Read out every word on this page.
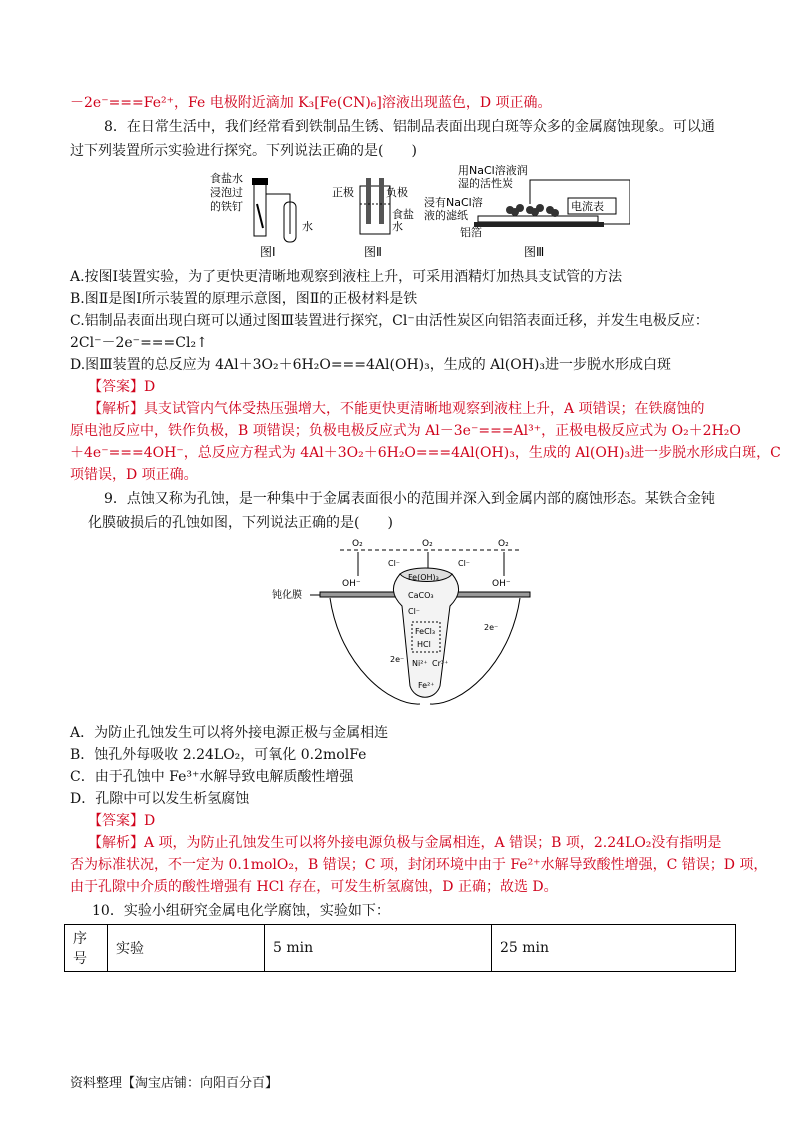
－2e⁻===Fe²⁺，Fe 电极附近滴加 K₃[Fe(CN)₆]溶液出现蓝色，D 项正确。
8．在日常生活中，我们经常看到铁制品生锈、铝制品表面出现白斑等众多的金属腐蚀现象。可以通
过下列装置所示实验进行探究。下列说法正确的是(　　)
食盐水
浸泡过
的铁钉
水
图Ⅰ
正极	负极
食盐
水
图Ⅱ
用NaCl溶液润
湿的活性炭
浸有NaCl溶
液的滤纸
铝箔
电流表
图Ⅲ
A.按图Ⅰ装置实验，为了更快更清晰地观察到液柱上升，可采用酒精灯加热具支试管的方法
B.图Ⅱ是图Ⅰ所示装置的原理示意图，图Ⅱ的正极材料是铁
C.铝制品表面出现白斑可以通过图Ⅲ装置进行探究，Cl⁻由活性炭区向铝箔表面迁移，并发生电极反应：
2Cl⁻－2e⁻===Cl₂↑
D.图Ⅲ装置的总反应为 4Al＋3O₂＋6H₂O===4Al(OH)₃，生成的 Al(OH)₃进一步脱水形成白斑
【答案】D
【解析】具支试管内气体受热压强增大，不能更快更清晰地观察到液柱上升，A 项错误；在铁腐蚀的
原电池反应中，铁作负极，B 项错误；负极电极反应式为 Al－3e⁻===Al³⁺，正极电极反应式为 O₂＋2H₂O
＋4e⁻===4OH⁻，总反应方程式为 4Al＋3O₂＋6H₂O===4Al(OH)₃，生成的 Al(OH)₃进一步脱水形成白斑，C
项错误，D 项正确。
9．点蚀又称为孔蚀，是一种集中于金属表面很小的范围并深入到金属内部的腐蚀形态。某铁合金钝
化膜破损后的孔蚀如图，下列说法正确的是(　　)
O₂	O₂	O₂
OH⁻	OH⁻
钝化膜
Fe(OH)₃
CaCO₃
Cl⁻	Cl⁻
Cl⁻
FeCl₃
HCl
Ni²⁺ Cr³⁺
Fe²⁺
2e⁻
2e⁻
A．为防止孔蚀发生可以将外接电源正极与金属相连
B．蚀孔外每吸收 2.24LO₂，可氧化 0.2molFe
C．由于孔蚀中 Fe³⁺水解导致电解质酸性增强
D．孔隙中可以发生析氢腐蚀
【答案】D
【解析】A 项，为防止孔蚀发生可以将外接电源负极与金属相连，A 错误；B 项，2.24LO₂没有指明是
否为标准状况，不一定为 0.1molO₂，B 错误；C 项，封闭环境中由于 Fe²⁺水解导致酸性增强，C 错误；D 项，
由于孔隙中介质的酸性增强有 HCl 存在，可发生析氢腐蚀，D 正确；故选 D。
10．实验小组研究金属电化学腐蚀，实验如下：
序号	实验	5 min	25 min
资料整理【淘宝店铺：向阳百分百】
